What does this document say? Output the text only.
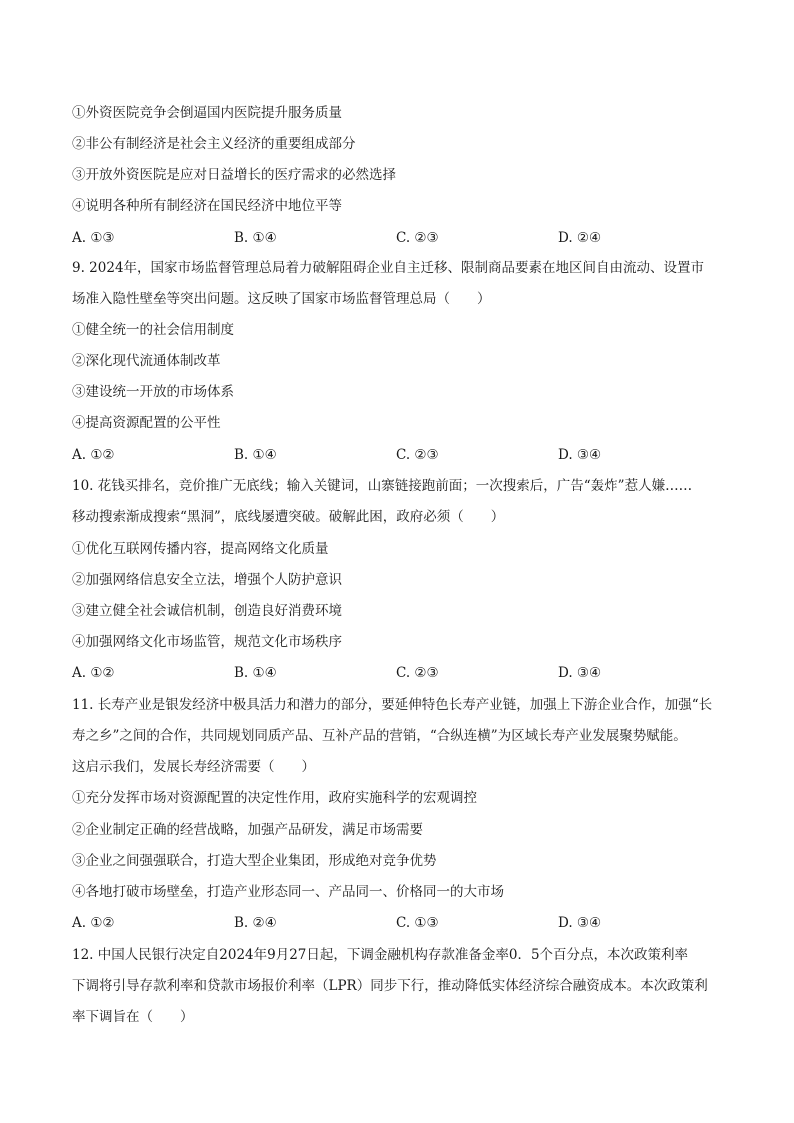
①外资医院竞争会倒逼国内医院提升服务质量
②非公有制经济是社会主义经济的重要组成部分
③开放外资医院是应对日益增长的医疗需求的必然选择
④说明各种所有制经济在国民经济中地位平等
A. ①③	B. ①④	C. ②③	D. ②④
9. 2024年，国家市场监督管理总局着力破解阻碍企业自主迁移、限制商品要素在地区间自由流动、设置市
场准入隐性壁垒等突出问题。这反映了国家市场监督管理总局（　　）
①健全统一的社会信用制度
②深化现代流通体制改革
③建设统一开放的市场体系
④提高资源配置的公平性
A. ①②	B. ①④	C. ②③	D. ③④
10. 花钱买排名，竞价推广无底线；输入关键词，山寨链接跑前面；一次搜索后，广告“轰炸”惹人嫌……
移动搜索渐成搜索“黑洞”，底线屡遭突破。破解此困，政府必须（　　）
①优化互联网传播内容，提高网络文化质量
②加强网络信息安全立法，增强个人防护意识
③建立健全社会诚信机制，创造良好消费环境
④加强网络文化市场监管，规范文化市场秩序
A. ①②	B. ①④	C. ②③	D. ③④
11. 长寿产业是银发经济中极具活力和潜力的部分，要延伸特色长寿产业链，加强上下游企业合作，加强“长
寿之乡”之间的合作，共同规划同质产品、互补产品的营销，“合纵连横”为区域长寿产业发展聚势赋能。
这启示我们，发展长寿经济需要（　　）
①充分发挥市场对资源配置的决定性作用，政府实施科学的宏观调控
②企业制定正确的经营战略，加强产品研发，满足市场需要
③企业之间强强联合，打造大型企业集团，形成绝对竞争优势
④各地打破市场壁垒，打造产业形态同一、产品同一、价格同一的大市场
A. ①②	B. ②④	C. ①③	D. ③④
12. 中国人民银行决定自2024年9月27日起，下调金融机构存款准备金率0．5个百分点，本次政策利率
下调将引导存款利率和贷款市场报价利率（LPR）同步下行，推动降低实体经济综合融资成本。本次政策利
率下调旨在（　　）
